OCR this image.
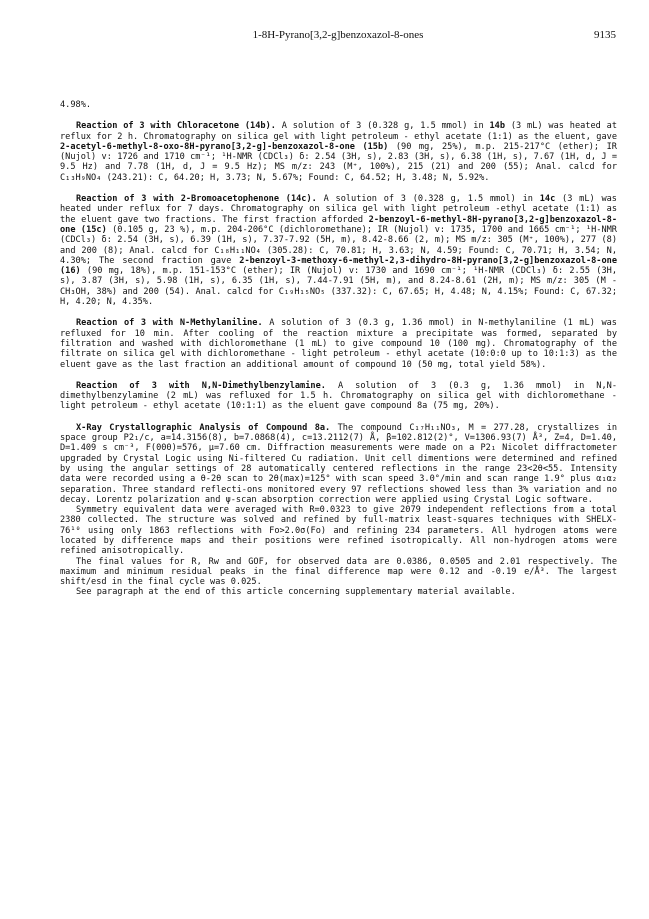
1-8H-Pyrano[3,2-g]benzoxazol-8-ones	9135

4.98%.

Reaction of 3 with Chloracetone (14b). A solution of 3 (0.328 g, 1.5 mmol) in 14b (3 mL) was heated at reflux for 2 h. Chromatography on silica gel with light petroleum - ethyl acetate (1:1) as the eluent, gave 2-acetyl-6-methyl-8-oxo-8H-pyrano[3,2-g]-benzoxazol-8-one (15b) (90 mg, 25%), m.p. 215-217°C (ether); IR (Nujol) v: 1726 and 1710 cm⁻¹; ¹H-NMR (CDCl₃) δ: 2.54 (3H, s), 2.83 (3H, s), 6.38 (1H, s), 7.67 (1H, d, J = 9.5 Hz) and 7.78 (1H, d, J = 9.5 Hz); MS m/z: 243 (M⁺, 100%), 215 (21) and 200 (55); Anal. calcd for C₁₃H₉NO₄ (243.21): C, 64.20; H, 3.73; N, 5.67%; Found: C, 64.52; H, 3.48; N, 5.92%.

Reaction of 3 with 2-Bromoacetophenone (14c). A solution of 3 (0.328 g, 1.5 mmol) in 14c (3 mL) was heated under reflux for 7 days. Chromatography on silica gel with light petroleum -ethyl acetate (1:1) as the eluent gave two fractions. The first fraction afforded 2-benzoyl-6-methyl-8H-pyrano[3,2-g]benzoxazol-8-one (15c) (0.105 g, 23 %), m.p. 204-206°C (dichloromethane); IR (Nujol) v: 1735, 1700 and 1665 cm⁻¹; ¹H-NMR (CDCl₃) δ: 2.54 (3H, s), 6.39 (1H, s), 7.37-7.92 (5H, m), 8.42-8.66 (2, m); MS m/z: 305 (M⁺, 100%), 277 (8) and 200 (8); Anal. calcd for C₁₈H₁₁NO₄ (305.28): C, 70.81; H, 3.63; N, 4.59; Found: C, 70.71; H, 3.54; N, 4.30%; The second fraction gave 2-benzoyl-3-methoxy-6-methyl-2,3-dihydro-8H-pyrano[3,2-g]benzoxazol-8-one (16) (90 mg, 18%), m.p. 151-153°C (ether); IR (Nujol) v: 1730 and 1690 cm⁻¹; ¹H-NMR (CDCl₃) δ: 2.55 (3H, s), 3.87 (3H, s), 5.98 (1H, s), 6.35 (1H, s), 7.44-7.91 (5H, m), and 8.24-8.61 (2H, m); MS m/z: 305 (M - CH₃OH, 38%) and 200 (54). Anal. calcd for C₁₉H₁₅NO₅ (337.32): C, 67.65; H, 4.48; N, 4.15%; Found: C, 67.32; H, 4.20; N, 4.35%.

Reaction of 3 with N-Methylaniline. A solution of 3 (0.3 g, 1.36 mmol) in N-methylaniline (1 mL) was refluxed for 10 min. After cooling of the reaction mixture a precipitate was formed, separated by filtration and washed with dichloromethane (1 mL) to give compound 10 (100 mg). Chromatography of the filtrate on silica gel with dichloromethane - light petroleum - ethyl acetate (10:0:0 up to 10:1:3) as the eluent gave as the last fraction an additional amount of compound 10 (50 mg, total yield 58%).

Reaction of 3 with N,N-Dimethylbenzylamine. A solution of 3 (0.3 g, 1.36 mmol) in N,N-dimethylbenzylamine (2 mL) was refluxed for 1.5 h. Chromatography on silica gel with dichloromethane - light petroleum - ethyl acetate (10:1:1) as the eluent gave compound 8a (75 mg, 20%).

X-Ray Crystallographic Analysis of Compound 8a. The compound C₁₇H₁₁NO₃, M = 277.28, crystallizes in space group P2₁/c, a=14.3156(8), b=7.0868(4), c=13.2112(7) Å, β=102.812(2)°, V=1306.93(7) Å³, Z=4, D=1.40, D=1.409 s cm⁻³, F(000)=576, µ=7.60 cm. Diffraction measurements were made on a P2₁ Nicolet diffractometer upgraded by Crystal Logic using Ni-filtered Cu radiation. Unit cell dimentions were determined and refined by using the angular settings of 28 automatically centered reflections in the range 23<2θ<55. Intensity data were recorded using a θ-2θ scan to 2θ(max)=125° with scan speed 3.0°/min and scan range 1.9° plus α₁α₂ separation. Three standard reflecti-ons monitored every 97 reflections showed less than 3% variation and no decay. Lorentz polarization and ψ-scan absorption correction were applied using Crystal Logic software.

Symmetry equivalent data were averaged with R=0.0323 to give 2079 independent reflections from a total 2380 collected. The structure was solved and refined by full-matrix least-squares techniques with SHELX-76¹⁰ using only 1863 reflections with Fo>2.0σ(Fo) and refining 234 parameters. All hydrogen atoms were located by difference maps and their positions were refined isotropically. All non-hydrogen atoms were refined anisotropically.

The final values for R, Rw and GOF, for observed data are 0.0386, 0.0505 and 2.01 respectively. The maximum and minimum residual peaks in the final difference map were 0.12 and -0.19 e/Å³. The largest shift/esd in the final cycle was 0.025.

See paragraph at the end of this article concerning supplementary material available.
